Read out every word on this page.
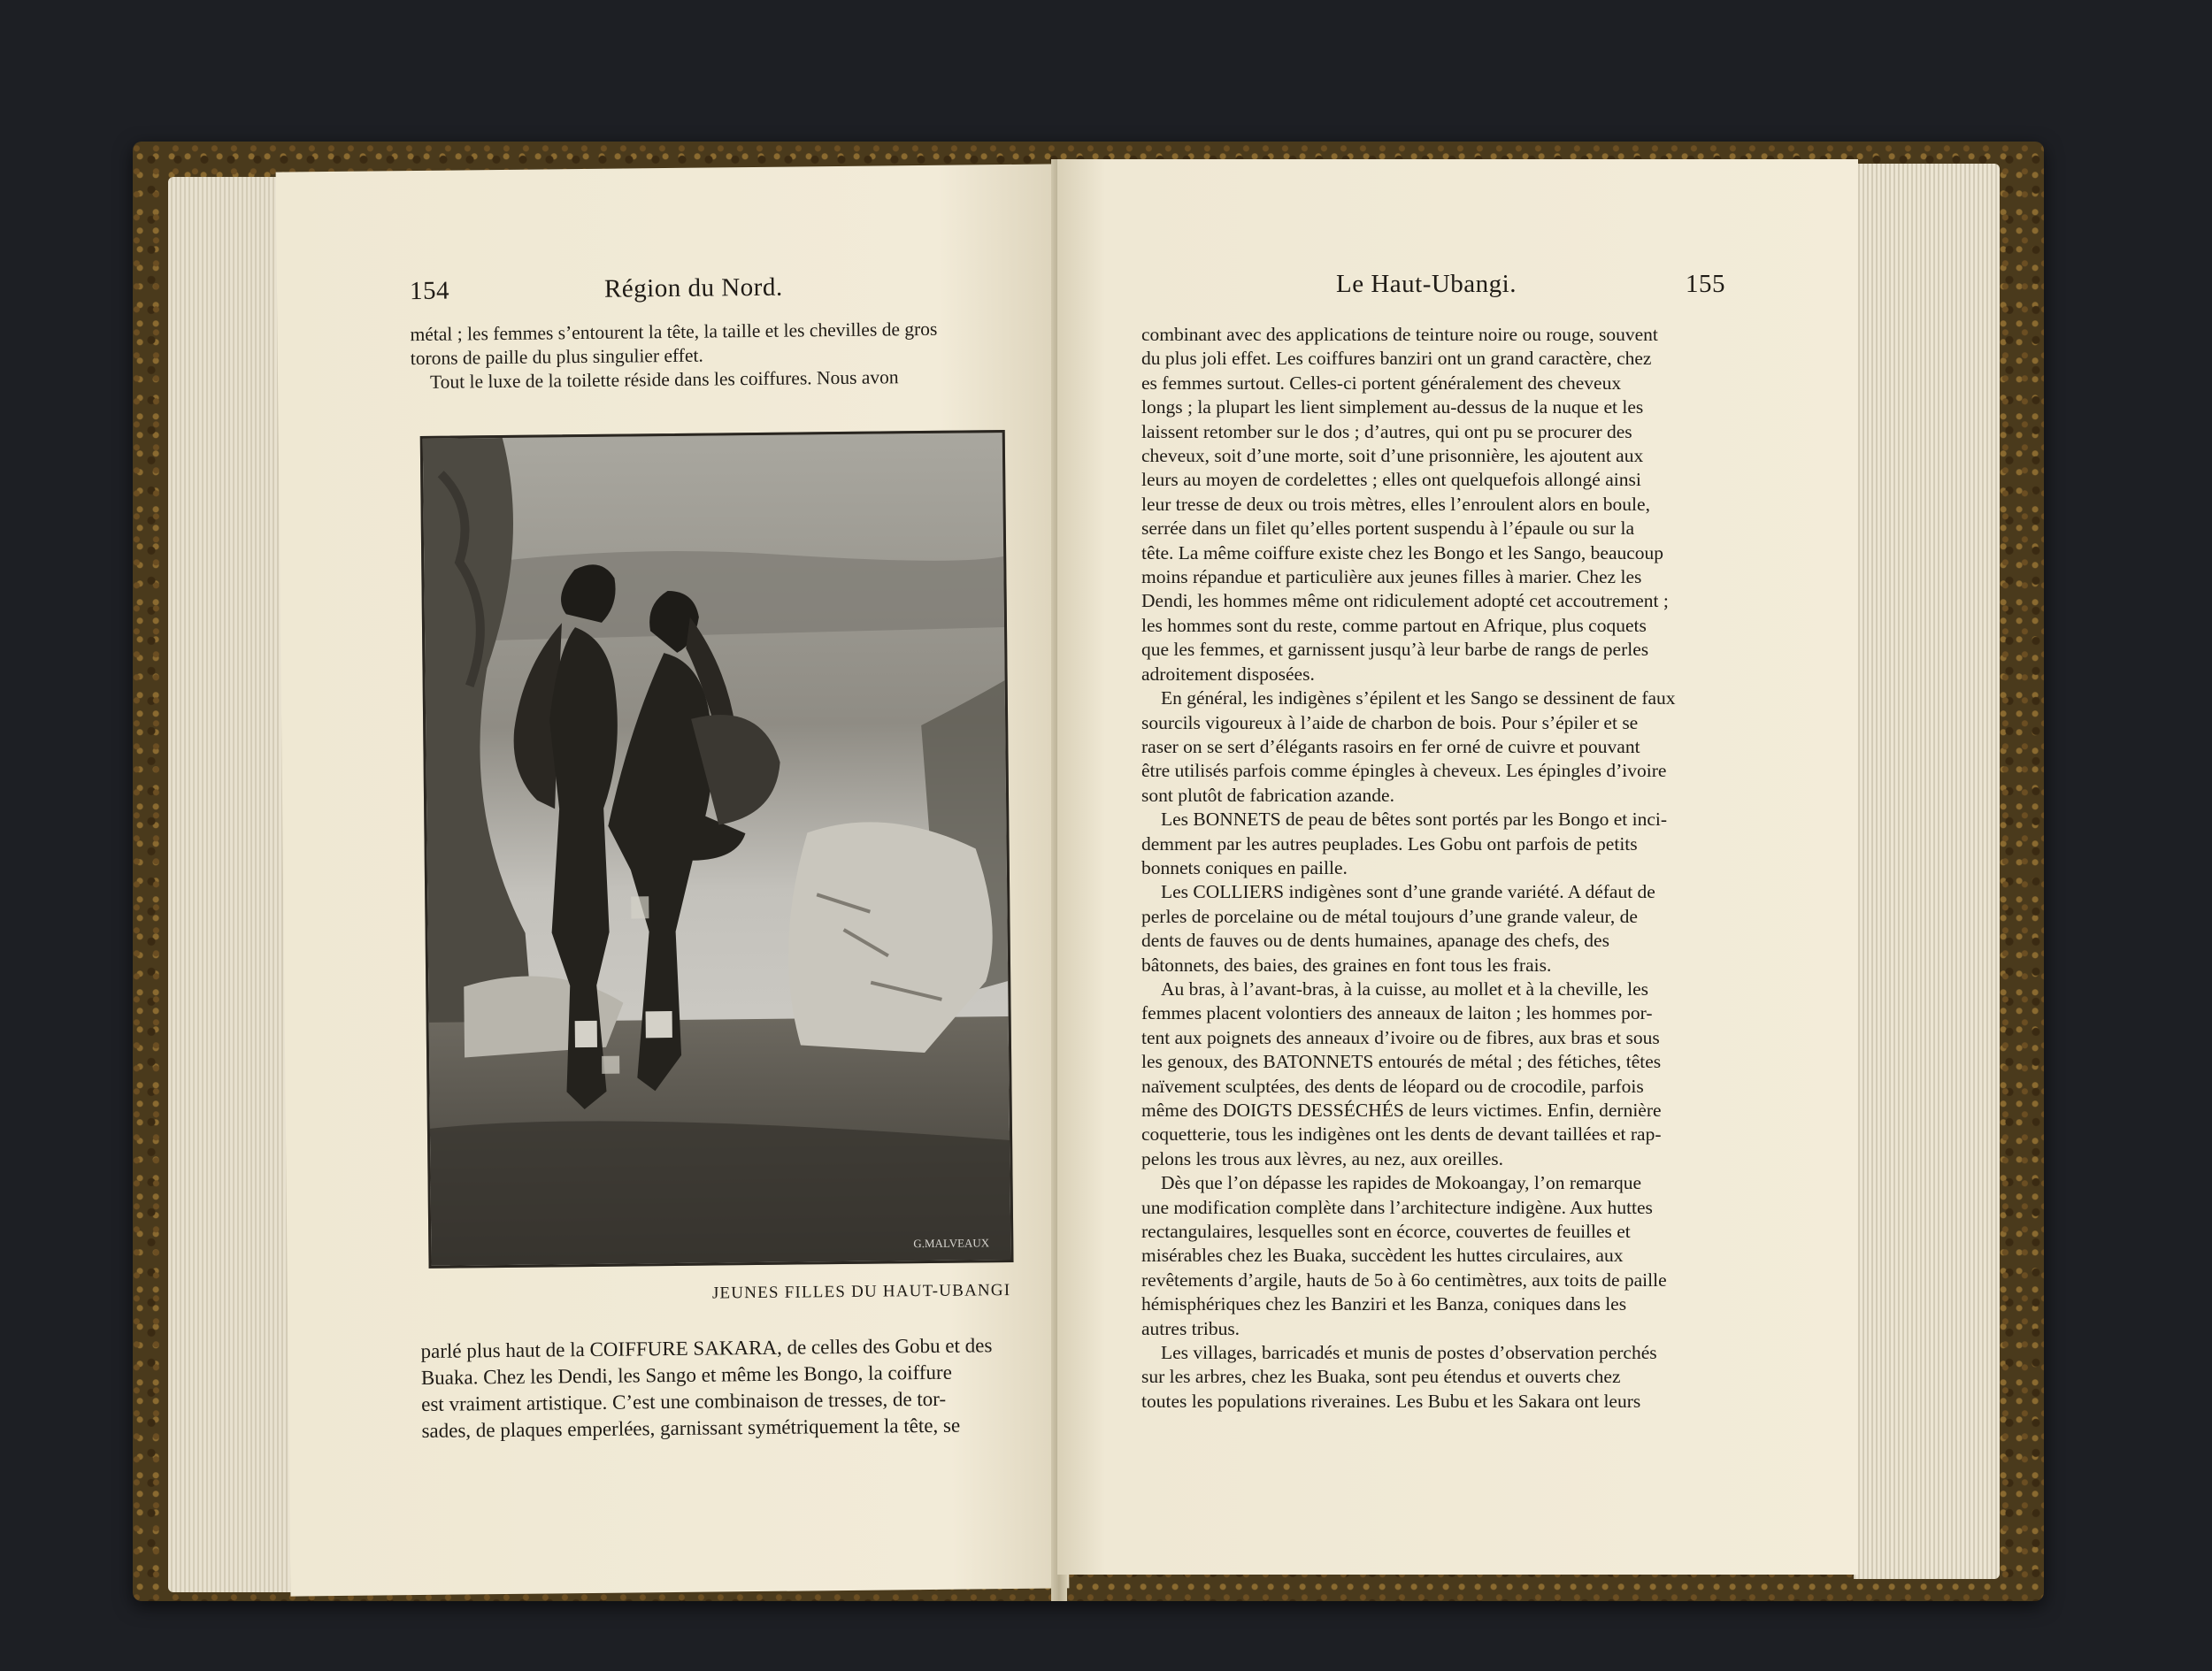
154	Région du Nord.

métal ; les femmes s’entourent la tête, la taille et les chevilles de gros

torons de paille du plus singulier effet.

Tout le luxe de la toilette réside dans les coiffures. Nous avon

G.MALVEAUX
JEUNES FILLES DU HAUT-UBANGI

parlé plus haut de la COIFFURE SAKARA, de celles des Gobu et des

Buaka. Chez les Dendi, les Sango et même les Bongo, la coiffure

est vraiment artistique. C’est une combinaison de tresses, de tor-

sades, de plaques emperlées, garnissant symétriquement la tête, se

Le Haut-Ubangi.	155

combinant avec des applications de teinture noire ou rouge, souvent

du plus joli effet. Les coiffures banziri ont un grand caractère, chez

es femmes surtout. Celles-ci portent généralement des cheveux

longs ; la plupart les lient simplement au-dessus de la nuque et les

laissent retomber sur le dos ; d’autres, qui ont pu se procurer des

cheveux, soit d’une morte, soit d’une prisonnière, les ajoutent aux

leurs au moyen de cordelettes ; elles ont quelquefois allongé ainsi

leur tresse de deux ou trois mètres, elles l’enroulent alors en boule,

serrée dans un filet qu’elles portent suspendu à l’épaule ou sur la

tête. La même coiffure existe chez les Bongo et les Sango, beaucoup

moins répandue et particulière aux jeunes filles à marier. Chez les

Dendi, les hommes même ont ridiculement adopté cet accoutrement ;

les hommes sont du reste, comme partout en Afrique, plus coquets

que les femmes, et garnissent jusqu’à leur barbe de rangs de perles

adroitement disposées.

En général, les indigènes s’épilent et les Sango se dessinent de faux

sourcils vigoureux à l’aide de charbon de bois. Pour s’épiler et se

raser on se sert d’élégants rasoirs en fer orné de cuivre et pouvant

être utilisés parfois comme épingles à cheveux. Les épingles d’ivoire

sont plutôt de fabrication azande.

Les BONNETS de peau de bêtes sont portés par les Bongo et inci-

demment par les autres peuplades. Les Gobu ont parfois de petits

bonnets coniques en paille.

Les COLLIERS indigènes sont d’une grande variété. A défaut de

perles de porcelaine ou de métal toujours d’une grande valeur, de

dents de fauves ou de dents humaines, apanage des chefs, des

bâtonnets, des baies, des graines en font tous les frais.

Au bras, à l’avant-bras, à la cuisse, au mollet et à la cheville, les

femmes placent volontiers des anneaux de laiton ; les hommes por-

tent aux poignets des anneaux d’ivoire ou de fibres, aux bras et sous

les genoux, des BATONNETS entourés de métal ; des fétiches, têtes

naïvement sculptées, des dents de léopard ou de crocodile, parfois

même des DOIGTS DESSÉCHÉS de leurs victimes. Enfin, dernière

coquetterie, tous les indigènes ont les dents de devant taillées et rap-

pelons les trous aux lèvres, au nez, aux oreilles.

Dès que l’on dépasse les rapides de Mokoangay, l’on remarque

une modification complète dans l’architecture indigène. Aux huttes

rectangulaires, lesquelles sont en écorce, couvertes de feuilles et

misérables chez les Buaka, succèdent les huttes circulaires, aux

revêtements d’argile, hauts de 5o à 6o centimètres, aux toits de paille

hémisphériques chez les Banziri et les Banza, coniques dans les

autres tribus.

Les villages, barricadés et munis de postes d’observation perchés

sur les arbres, chez les Buaka, sont peu étendus et ouverts chez

toutes les populations riveraines. Les Bubu et les Sakara ont leurs
